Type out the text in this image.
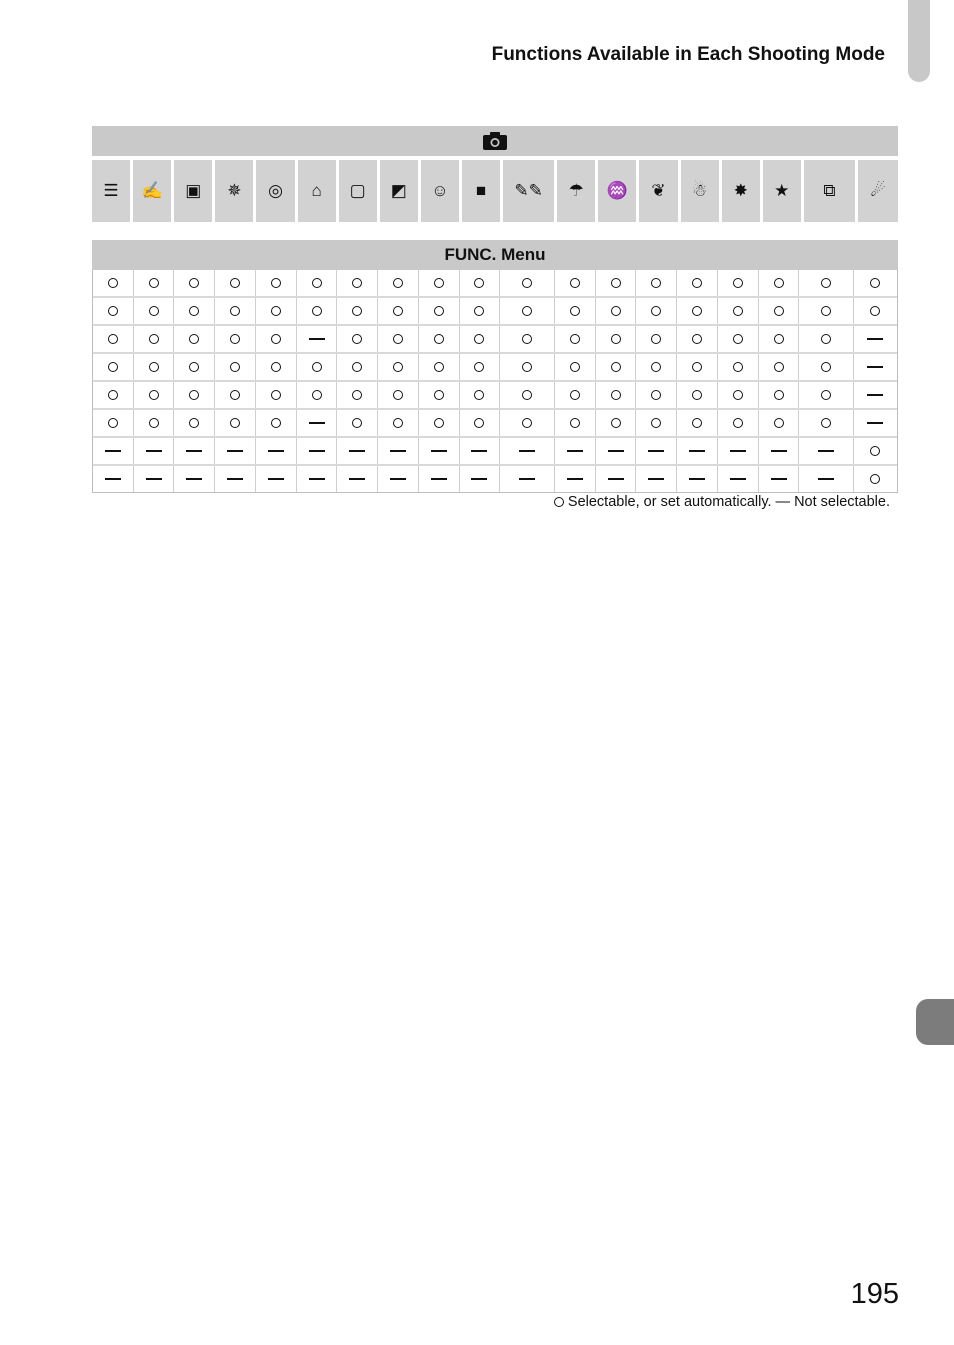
Functions Available in Each Shooting Mode
☰ ✍ ▣ ✵ ◎ ⌂ ▢ ◩ ☺ ■ ✎✎ ☂ ♒ ❦ ☃ ✸ ★ ⧉ ☄
FUNC. Menu
Selectable, or set automatically. — Not selectable.
195
